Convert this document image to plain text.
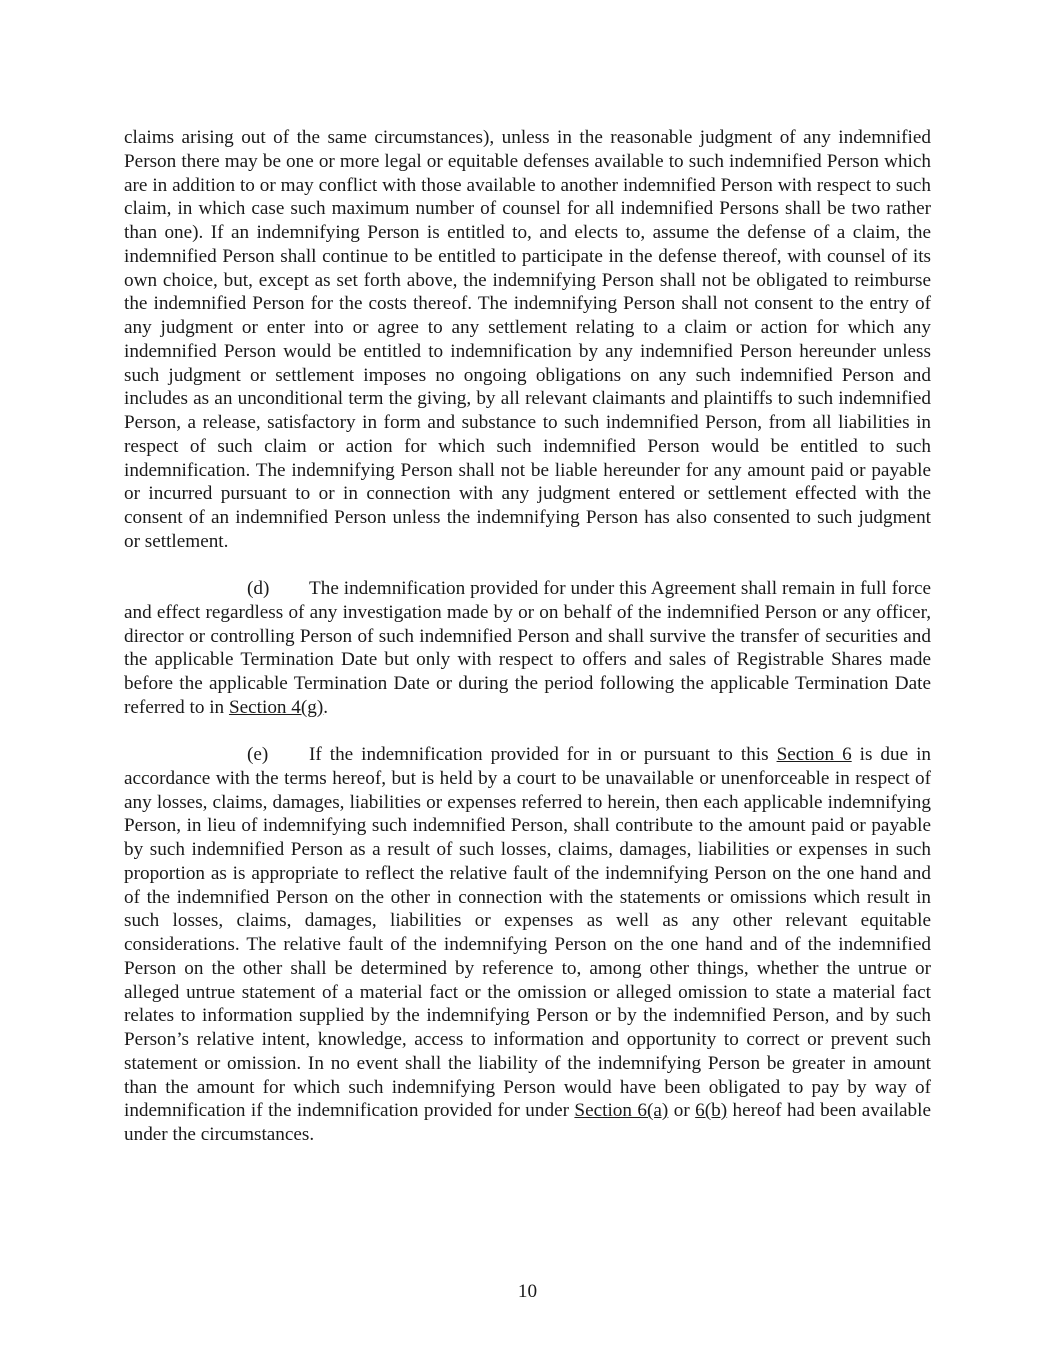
claims arising out of the same circumstances), unless in the reasonable judgment of any indemnified Person there may be one or more legal or equitable defenses available to such indemnified Person which are in addition to or may conflict with those available to another indemnified Person with respect to such claim, in which case such maximum number of counsel for all indemnified Persons shall be two rather than one). If an indemnifying Person is entitled to, and elects to, assume the defense of a claim, the indemnified Person shall continue to be entitled to participate in the defense thereof, with counsel of its own choice, but, except as set forth above, the indemnifying Person shall not be obligated to reimburse the indemnified Person for the costs thereof. The indemnifying Person shall not consent to the entry of any judgment or enter into or agree to any settlement relating to a claim or action for which any indemnified Person would be entitled to indemnification by any indemnified Person hereunder unless such judgment or settlement imposes no ongoing obligations on any such indemnified Person and includes as an unconditional term the giving, by all relevant claimants and plaintiffs to such indemnified Person, a release, satisfactory in form and substance to such indemnified Person, from all liabilities in respect of such claim or action for which such indemnified Person would be entitled to such indemnification. The indemnifying Person shall not be liable hereunder for any amount paid or payable or incurred pursuant to or in connection with any judgment entered or settlement effected with the consent of an indemnified Person unless the indemnifying Person has also consented to such judgment or settlement.

(d) The indemnification provided for under this Agreement shall remain in full force and effect regardless of any investigation made by or on behalf of the indemnified Person or any officer, director or controlling Person of such indemnified Person and shall survive the transfer of securities and the applicable Termination Date but only with respect to offers and sales of Registrable Shares made before the applicable Termination Date or during the period following the applicable Termination Date referred to in Section 4(g).

(e) If the indemnification provided for in or pursuant to this Section 6 is due in accordance with the terms hereof, but is held by a court to be unavailable or unenforceable in respect of any losses, claims, damages, liabilities or expenses referred to herein, then each applicable indemnifying Person, in lieu of indemnifying such indemnified Person, shall contribute to the amount paid or payable by such indemnified Person as a result of such losses, claims, damages, liabilities or expenses in such proportion as is appropriate to reflect the relative fault of the indemnifying Person on the one hand and of the indemnified Person on the other in connection with the statements or omissions which result in such losses, claims, damages, liabilities or expenses as well as any other relevant equitable considerations. The relative fault of the indemnifying Person on the one hand and of the indemnified Person on the other shall be determined by reference to, among other things, whether the untrue or alleged untrue statement of a material fact or the omission or alleged omission to state a material fact relates to information supplied by the indemnifying Person or by the indemnified Person, and by such Person’s relative intent, knowledge, access to information and opportunity to correct or prevent such statement or omission. In no event shall the liability of the indemnifying Person be greater in amount than the amount for which such indemnifying Person would have been obligated to pay by way of indemnification if the indemnification provided for under Section 6(a) or 6(b) hereof had been available under the circumstances.

10
